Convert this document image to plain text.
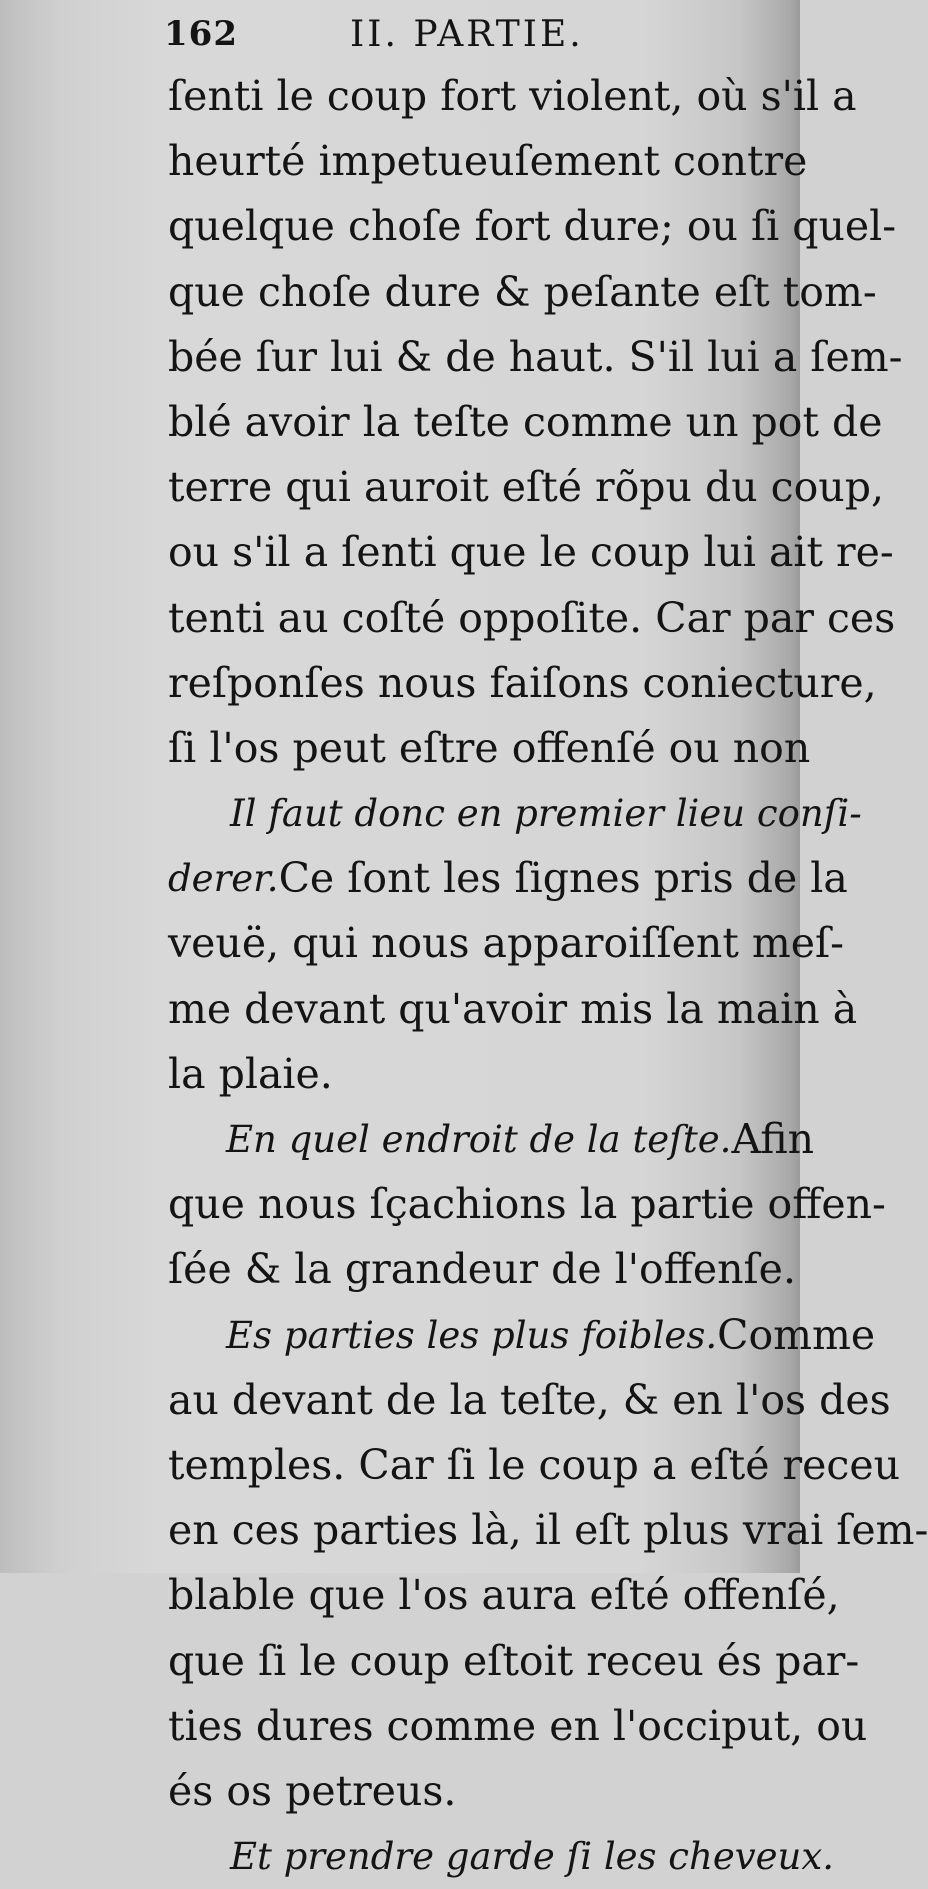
162	II. PARTIE.
ſenti le coup fort violent, où s'il a
heurté impetueuſement contre
quelque choſe fort dure; ou ſi quel-
que choſe dure & peſante eſt tom-
bée ſur lui & de haut. S'il lui a ſem-
blé avoir la teſte comme un pot de
terre qui auroit eſté rõpu du coup,
ou s'il a ſenti que le coup lui ait re-
tenti au coſté oppoſite. Car par ces
reſponſes nous faiſons coniecture,
ſi l'os peut eſtre offenſé ou non
Il faut donc en premier lieu conſi-
derer. Ce ſont les ſignes pris de la
veuë, qui nous apparoiſſent meſ-
me devant qu'avoir mis la main à
la plaie.
En quel endroit de la teſte. Afin
que nous ſçachions la partie offen-
ſée & la grandeur de l'offenſe.
Es parties les plus foibles. Comme
au devant de la teſte, & en l'os des
temples. Car ſi le coup a eſté receu
en ces parties là, il eſt plus vrai ſem-
blable que l'os aura eſté offenſé,
que ſi le coup eſtoit receu és par-
ties dures comme en l'occiput, ou
és os petreus.
Et prendre garde ſi les cheveux.
